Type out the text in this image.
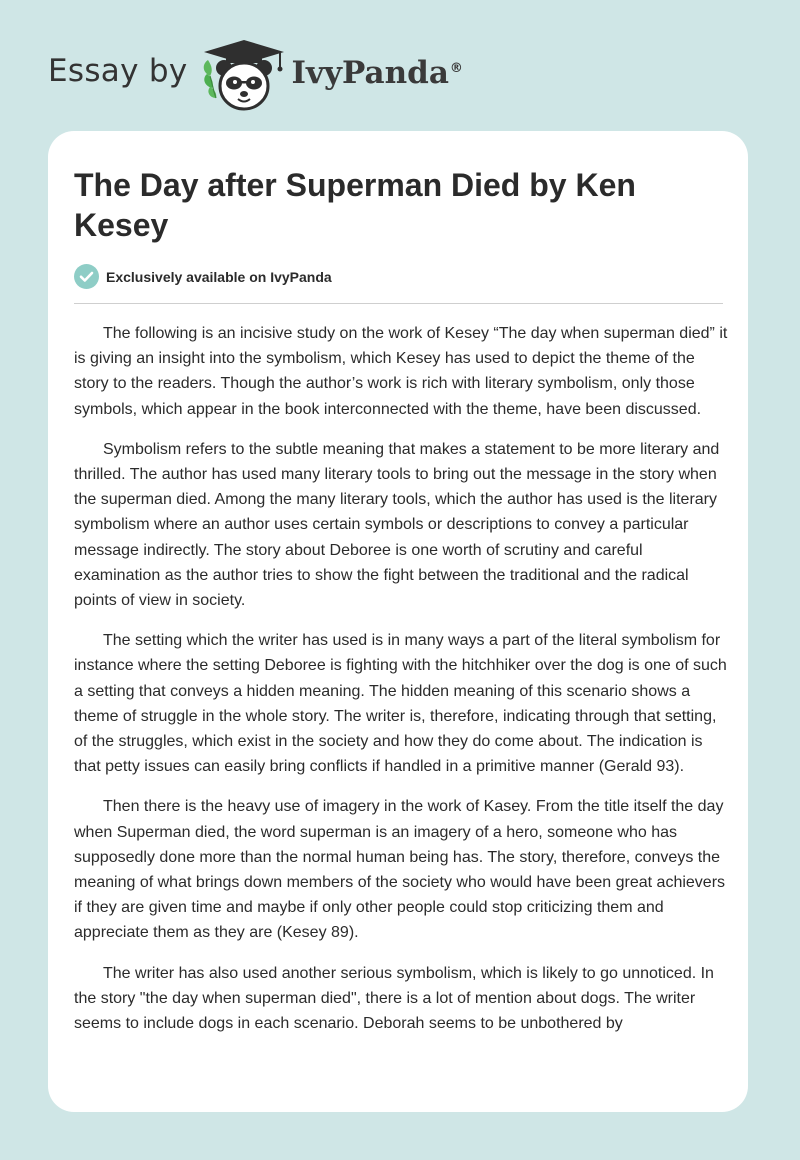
Essay by	IvyPanda®
The Day after Superman Died by Ken Kesey
Exclusively available on IvyPanda

The following is an incisive study on the work of Kesey “The day when superman died” it is giving an insight into the symbolism, which Kesey has used to depict the theme of the story to the readers. Though the author’s work is rich with literary symbolism, only those symbols, which appear in the book interconnected with the theme, have been discussed.

Symbolism refers to the subtle meaning that makes a statement to be more literary and thrilled. The author has used many literary tools to bring out the message in the story when the superman died. Among the many literary tools, which the author has used is the literary symbolism where an author uses certain symbols or descriptions to convey a particular message indirectly. The story about Deboree is one worth of scrutiny and careful examination as the author tries to show the fight between the traditional and the radical points of view in society.

The setting which the writer has used is in many ways a part of the literal symbolism for instance where the setting Deboree is fighting with the hitchhiker over the dog is one of such a setting that conveys a hidden meaning. The hidden meaning of this scenario shows a theme of struggle in the whole story. The writer is, therefore, indicating through that setting, of the struggles, which exist in the society and how they do come about. The indication is that petty issues can easily bring conflicts if handled in a primitive manner (Gerald 93).

Then there is the heavy use of imagery in the work of Kasey. From the title itself the day when Superman died, the word superman is an imagery of a hero, someone who has supposedly done more than the normal human being has. The story, therefore, conveys the meaning of what brings down members of the society who would have been great achievers if they are given time and maybe if only other people could stop criticizing them and appreciate them as they are (Kesey 89).

The writer has also used another serious symbolism, which is likely to go unnoticed. In the story "the day when superman died", there is a lot of mention about dogs. The writer seems to include dogs in each scenario. Deborah seems to be unbothered by
